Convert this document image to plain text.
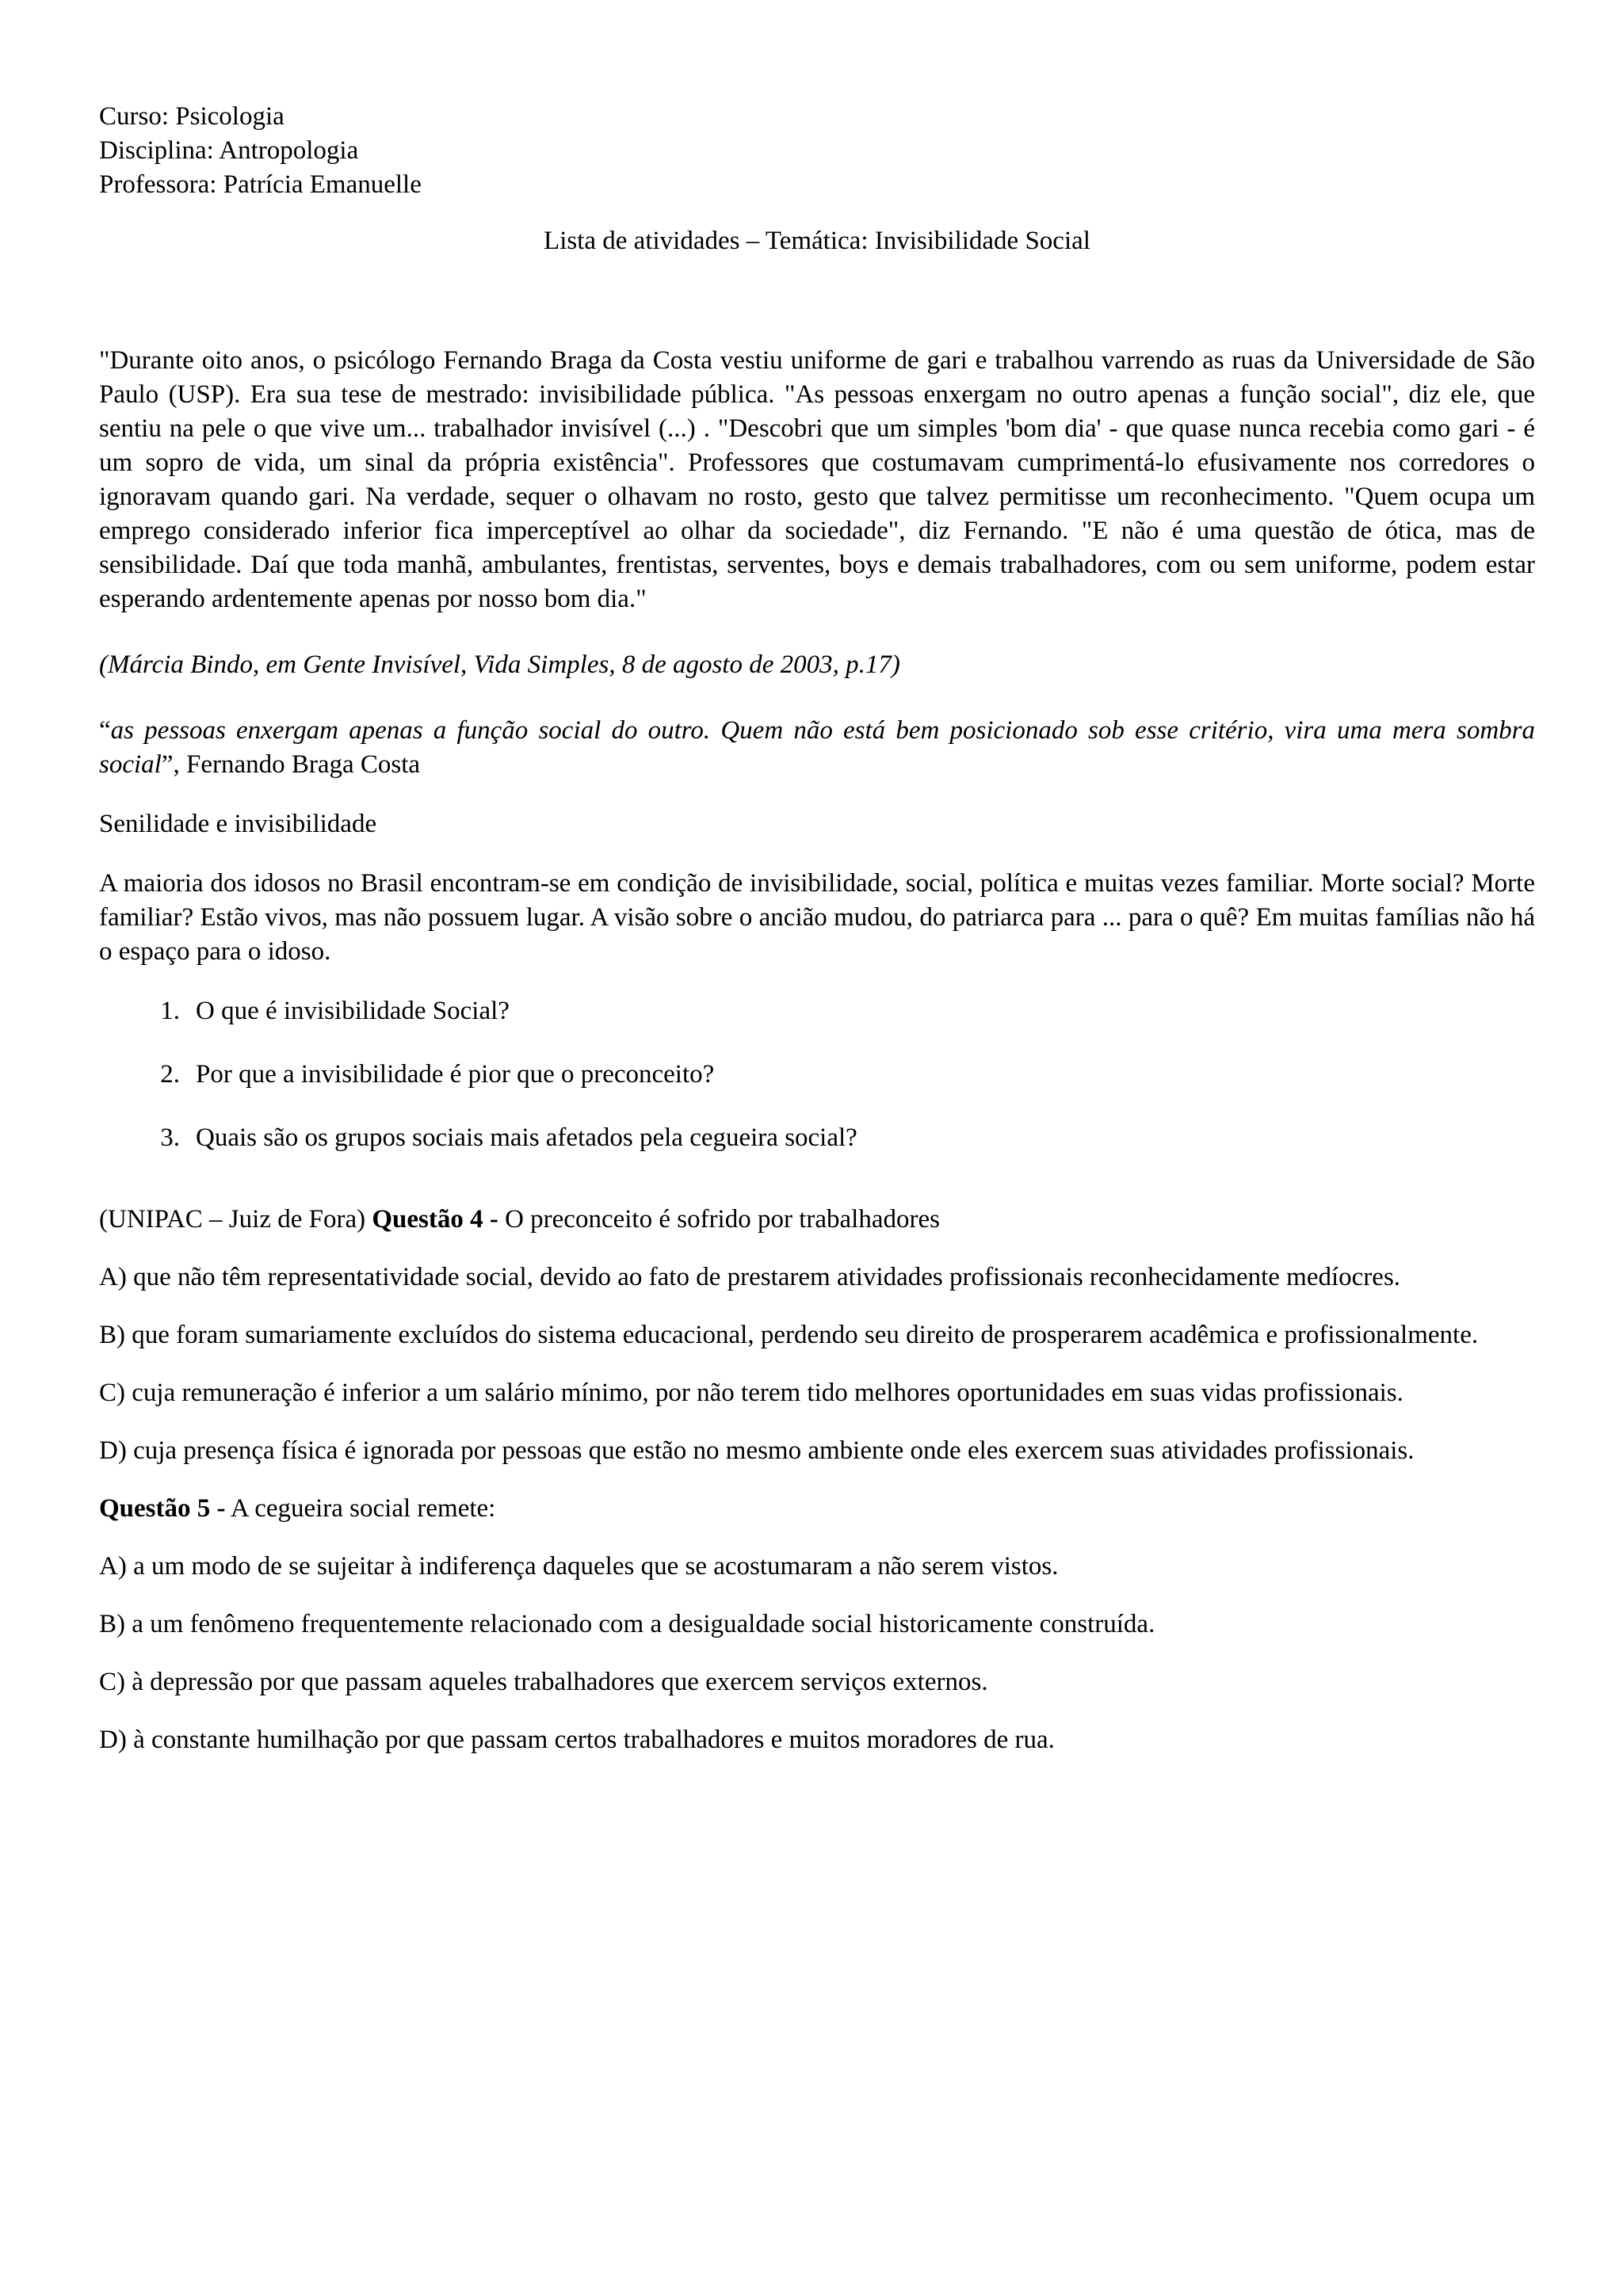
Curso: Psicologia

Disciplina: Antropologia

Professora: Patrícia Emanuelle

Lista de atividades – Temática: Invisibilidade Social

"Durante oito anos, o psicólogo Fernando Braga da Costa vestiu uniforme de gari e trabalhou varrendo as ruas da Universidade de São Paulo (USP). Era sua tese de mestrado: invisibilidade pública. "As pessoas enxergam no outro apenas a função social", diz ele, que sentiu na pele o que vive um... trabalhador invisível (...) . "Descobri que um simples 'bom dia' - que quase nunca recebia como gari - é um sopro de vida, um sinal da própria existência". Professores que costumavam cumprimentá-lo efusivamente nos corredores o ignoravam quando gari. Na verdade, sequer o olhavam no rosto, gesto que talvez permitisse um reconhecimento. "Quem ocupa um emprego considerado inferior fica imperceptível ao olhar da sociedade", diz Fernando. "E não é uma questão de ótica, mas de sensibilidade. Daí que toda manhã, ambulantes, frentistas, serventes, boys e demais trabalhadores, com ou sem uniforme, podem estar esperando ardentemente apenas por nosso bom dia."

(Márcia Bindo, em Gente Invisível, Vida Simples, 8 de agosto de 2003, p.17)

“as pessoas enxergam apenas a função social do outro. Quem não está bem posicionado sob esse critério, vira uma mera sombra social”, Fernando Braga Costa

Senilidade e invisibilidade

A maioria dos idosos no Brasil encontram-se em condição de invisibilidade, social, política e muitas vezes familiar. Morte social? Morte familiar? Estão vivos, mas não possuem lugar. A visão sobre o ancião mudou, do patriarca para ... para o quê? Em muitas famílias não há o espaço para o idoso.

1. O que é invisibilidade Social?
2. Por que a invisibilidade é pior que o preconceito?
3. Quais são os grupos sociais mais afetados pela cegueira social?

(UNIPAC – Juiz de Fora) Questão 4 - O preconceito é sofrido por trabalhadores

A) que não têm representatividade social, devido ao fato de prestarem atividades profissionais reconhecidamente medíocres.

B) que foram sumariamente excluídos do sistema educacional, perdendo seu direito de prosperarem acadêmica e profissionalmente.

C) cuja remuneração é inferior a um salário mínimo, por não terem tido melhores oportunidades em suas vidas profissionais.

D) cuja presença física é ignorada por pessoas que estão no mesmo ambiente onde eles exercem suas atividades profissionais.

Questão 5 - A cegueira social remete:

A) a um modo de se sujeitar à indiferença daqueles que se acostumaram a não serem vistos.

B) a um fenômeno frequentemente relacionado com a desigualdade social historicamente construída.

C) à depressão por que passam aqueles trabalhadores que exercem serviços externos.

D) à constante humilhação por que passam certos trabalhadores e muitos moradores de rua.
